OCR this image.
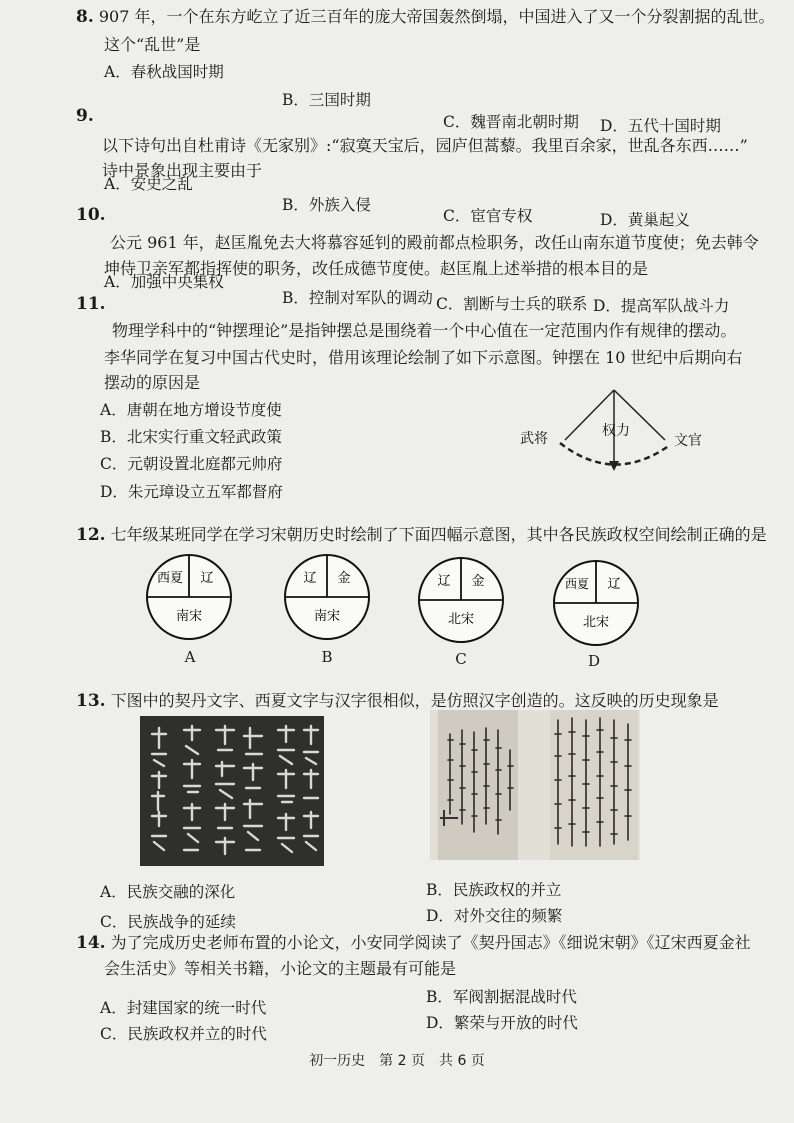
8. 907 年，一个在东方屹立了近三百年的庞大帝国轰然倒塌，中国进入了又一个分裂割据的乱世。
这个“乱世”是
A．春秋战国时期
B．三国时期
C．魏晋南北朝时期 D．五代十国时期
9.
以下诗句出自杜甫诗《无家别》:“寂寞天宝后，园庐但蒿藜。我里百余家，世乱各东西……”
诗中景象出现主要由于
A．安史之乱
B．外族入侵
C．宦官专权	D．黄巢起义
10.
公元 961 年，赵匡胤免去大将慕容延钊的殿前都点检职务，改任山南东道节度使；免去韩令
坤侍卫亲军都指挥使的职务，改任成德节度使。赵匡胤上述举措的根本目的是
A．加强中央集权
B．控制对军队的调动 C．割断与士兵的联系 D．提高军队战斗力
11.
物理学科中的“钟摆理论”是指钟摆总是围绕着一个中心值在一定范围内作有规律的摆动。
李华同学在复习中国古代史时，借用该理论绘制了如下示意图。钟摆在 10 世纪中后期向右
摆动的原因是
A．唐朝在地方增设节度使
B．北宋实行重文轻武政策
C．元朝设置北庭都元帅府
D．朱元璋设立五军都督府
武将	权力
文官
12. 七年级某班同学在学习宋朝历史时绘制了下面四幅示意图，其中各民族政权空间绘制正确的是
西夏 辽
南宋
A
辽 金
南宋
B
辽 金
北宋
C
西夏 辽
北宋
D
13. 下图中的契丹文字、西夏文字与汉字很相似，是仿照汉字创造的。这反映的历史现象是
A．民族交融的深化	B．民族政权的并立
C．民族战争的延续	D．对外交往的频繁
14. 为了完成历史老师布置的小论文，小安同学阅读了《契丹国志》《细说宋朝》《辽宋西夏金社
会生活史》等相关书籍，小论文的主题最有可能是
A．封建国家的统一时代
B．军阀割据混战时代
C．民族政权并立的时代
D．繁荣与开放的时代
初一历史　第 2 页　共 6 页
